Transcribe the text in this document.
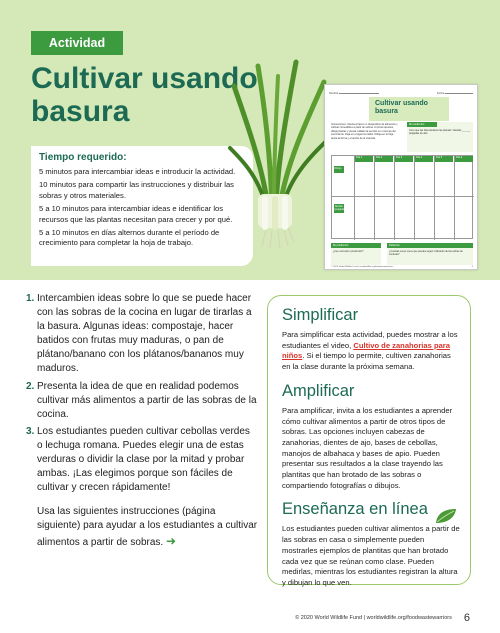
Actividad
Cultivar usando basura
Tiempo requerido:

5 minutos para intercambiar ideas e introducir la actividad.

10 minutos para compartir las instrucciones y distribuir las sobras y otros materiales.

5 a 10 minutos para intercambiar ideas e identificar los recursos que las plantas necesitan para crecer y por qué.

5 a 10 minutos en días alternos durante el período de crecimiento para completar la hoja de trabajo.

Nombre	Fecha
Cultivar usando basura
Instrucciones: Intenta a hacer un desperdicio de alimentos y cultivar comestibles a partir de sobras. Al tomar apuntes, dibuja plantas y presta cuidado la sección en el tiempo del crecimiento. Deja en el agua los tallos. Dibuja en la hoja, anota la forma y el ancho de la vivienda.
Mi predicción
Creo que las días tardaron las plantas: Vasolas ______ pulgadas de alto
Día 1	Día 2	Día 3	Día 4	Día 5	Día 6
Dibujo
Tamaño (pulgadas)
Mi predicción
¿Fue correcta tu predicción?
Reflexión
¿Cuantas veces crees que puedes seguir cultivando de las sobras de verduras?
© 2020 World Wildlife Fund | worldwildlife.org/foodwastewarriors	6
1. Intercambien ideas sobre lo que se puede hacer con las sobras de la cocina en lugar de tirarlas a la basura. Algunas ideas: compostaje, hacer batidos con frutas muy maduras, o pan de plátano/banano con los plátanos/bananos muy maduros.
2. Presenta la idea de que en realidad podemos cultivar más alimentos a partir de las sobras de la cocina.
3. Los estudiantes pueden cultivar cebollas verdes o lechuga romana. Puedes elegir una de estas verduras o dividir la clase por la mitad y probar ambas. ¡Las elegimos porque son fáciles de cultivar y crecen rápidamente!

Usa las siguientes instrucciones (página siguiente) para ayudar a los estudiantes a cultivar alimentos a partir de sobras. ➜

Simplificar

Para simplificar esta actividad, puedes mostrar a los estudiantes el video, Cultivo de zanahorias para niños. Si el tiempo lo permite, cultiven zanahorias en la clase durante la próxima semana.

Amplificar

Para amplificar, invita a los estudiantes a aprender cómo cultivar alimentos a partir de otros tipos de sobras. Las opciones incluyen cabezas de zanahorias, dientes de ajo, bases de cebollas, manojos de albahaca y bases de apio. Pueden presentar sus resultados a la clase trayendo las plantitas que han brotado de las sobras o compartiendo fotografías o dibujos.

Enseñanza en línea

Los estudiantes pueden cultivar alimentos a partir de las sobras en casa o simplemente pueden mostrarles ejemplos de plantitas que han brotado cada vez que se reúnan como clase. Pueden medirlas, mientras los estudiantes registran la altura y dibujan lo que ven.

© 2020 World Wildlife Fund | worldwildlife.org/foodwastewarriors 6
